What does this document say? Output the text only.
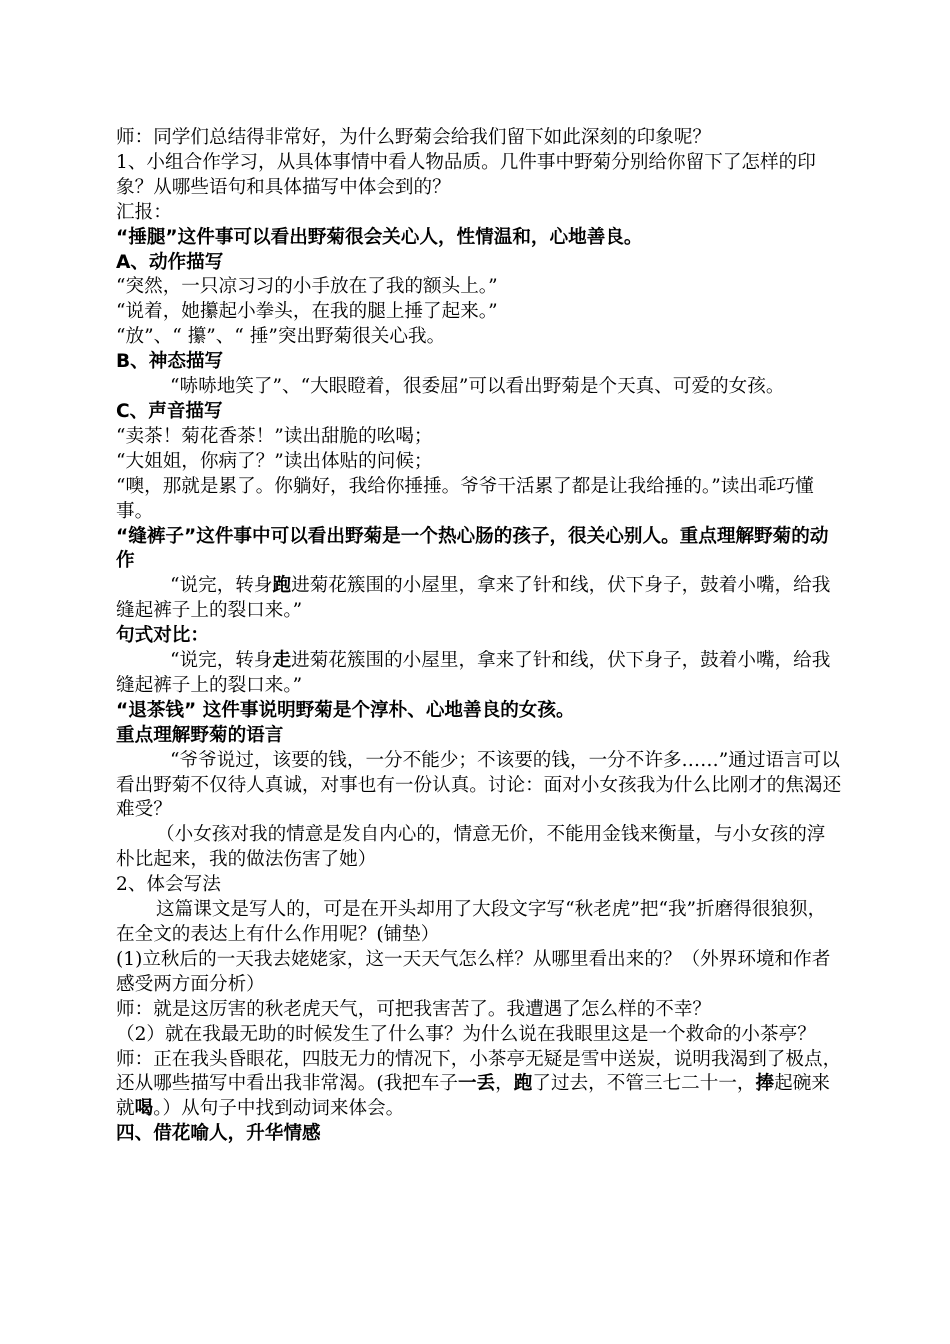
师：同学们总结得非常好，为什么野菊会给我们留下如此深刻的印象呢？

1、小组合作学习，从具体事情中看人物品质。几件事中野菊分别给你留下了怎样的印象？从哪些语句和具体描写中体会到的？

汇报：

“捶腿”这件事可以看出野菊很会关心人，性情温和，心地善良。

A、动作描写

“突然，一只凉习习的小手放在了我的额头上。”

“说着，她攥起小拳头，在我的腿上捶了起来。”

“放”、“ 攥”、“ 捶”突出野菊很关心我。

B、神态描写

“哧哧地笑了”、“大眼瞪着，很委屈”可以看出野菊是个天真、可爱的女孩。

C、声音描写

“卖茶！菊花香茶！”读出甜脆的吆喝；

“大姐姐，你病了？”读出体贴的问候；

“噢，那就是累了。你躺好，我给你捶捶。爷爷干活累了都是让我给捶的。”读出乖巧懂事。

“缝裤子”这件事中可以看出野菊是一个热心肠的孩子，很关心别人。重点理解野菊的动作

“说完，转身跑进菊花簇围的小屋里，拿来了针和线，伏下身子，鼓着小嘴，给我缝起裤子上的裂口来。”

句式对比：

“说完，转身走进菊花簇围的小屋里，拿来了针和线，伏下身子，鼓着小嘴，给我缝起裤子上的裂口来。”

“退茶钱” 这件事说明野菊是个淳朴、心地善良的女孩。

重点理解野菊的语言

“爷爷说过，该要的钱，一分不能少；不该要的钱，一分不许多……”通过语言可以看出野菊不仅待人真诚，对事也有一份认真。讨论：面对小女孩我为什么比刚才的焦渴还难受？

（小女孩对我的情意是发自内心的，情意无价，不能用金钱来衡量，与小女孩的淳朴比起来，我的做法伤害了她）

2、体会写法

这篇课文是写人的，可是在开头却用了大段文字写“秋老虎”把“我”折磨得很狼狈，在全文的表达上有什么作用呢？(铺垫）

(1)立秋后的一天我去姥姥家，这一天天气怎么样？从哪里看出来的？（外界环境和作者感受两方面分析）

师：就是这厉害的秋老虎天气，可把我害苦了。我遭遇了怎么样的不幸？

（2）就在我最无助的时候发生了什么事？为什么说在我眼里这是一个救命的小茶亭？

师：正在我头昏眼花，四肢无力的情况下，小茶亭无疑是雪中送炭，说明我渴到了极点，还从哪些描写中看出我非常渴。(我把车子一丢，跑了过去，不管三七二十一，捧起碗来就喝。）从句子中找到动词来体会。

四、借花喻人，升华情感
